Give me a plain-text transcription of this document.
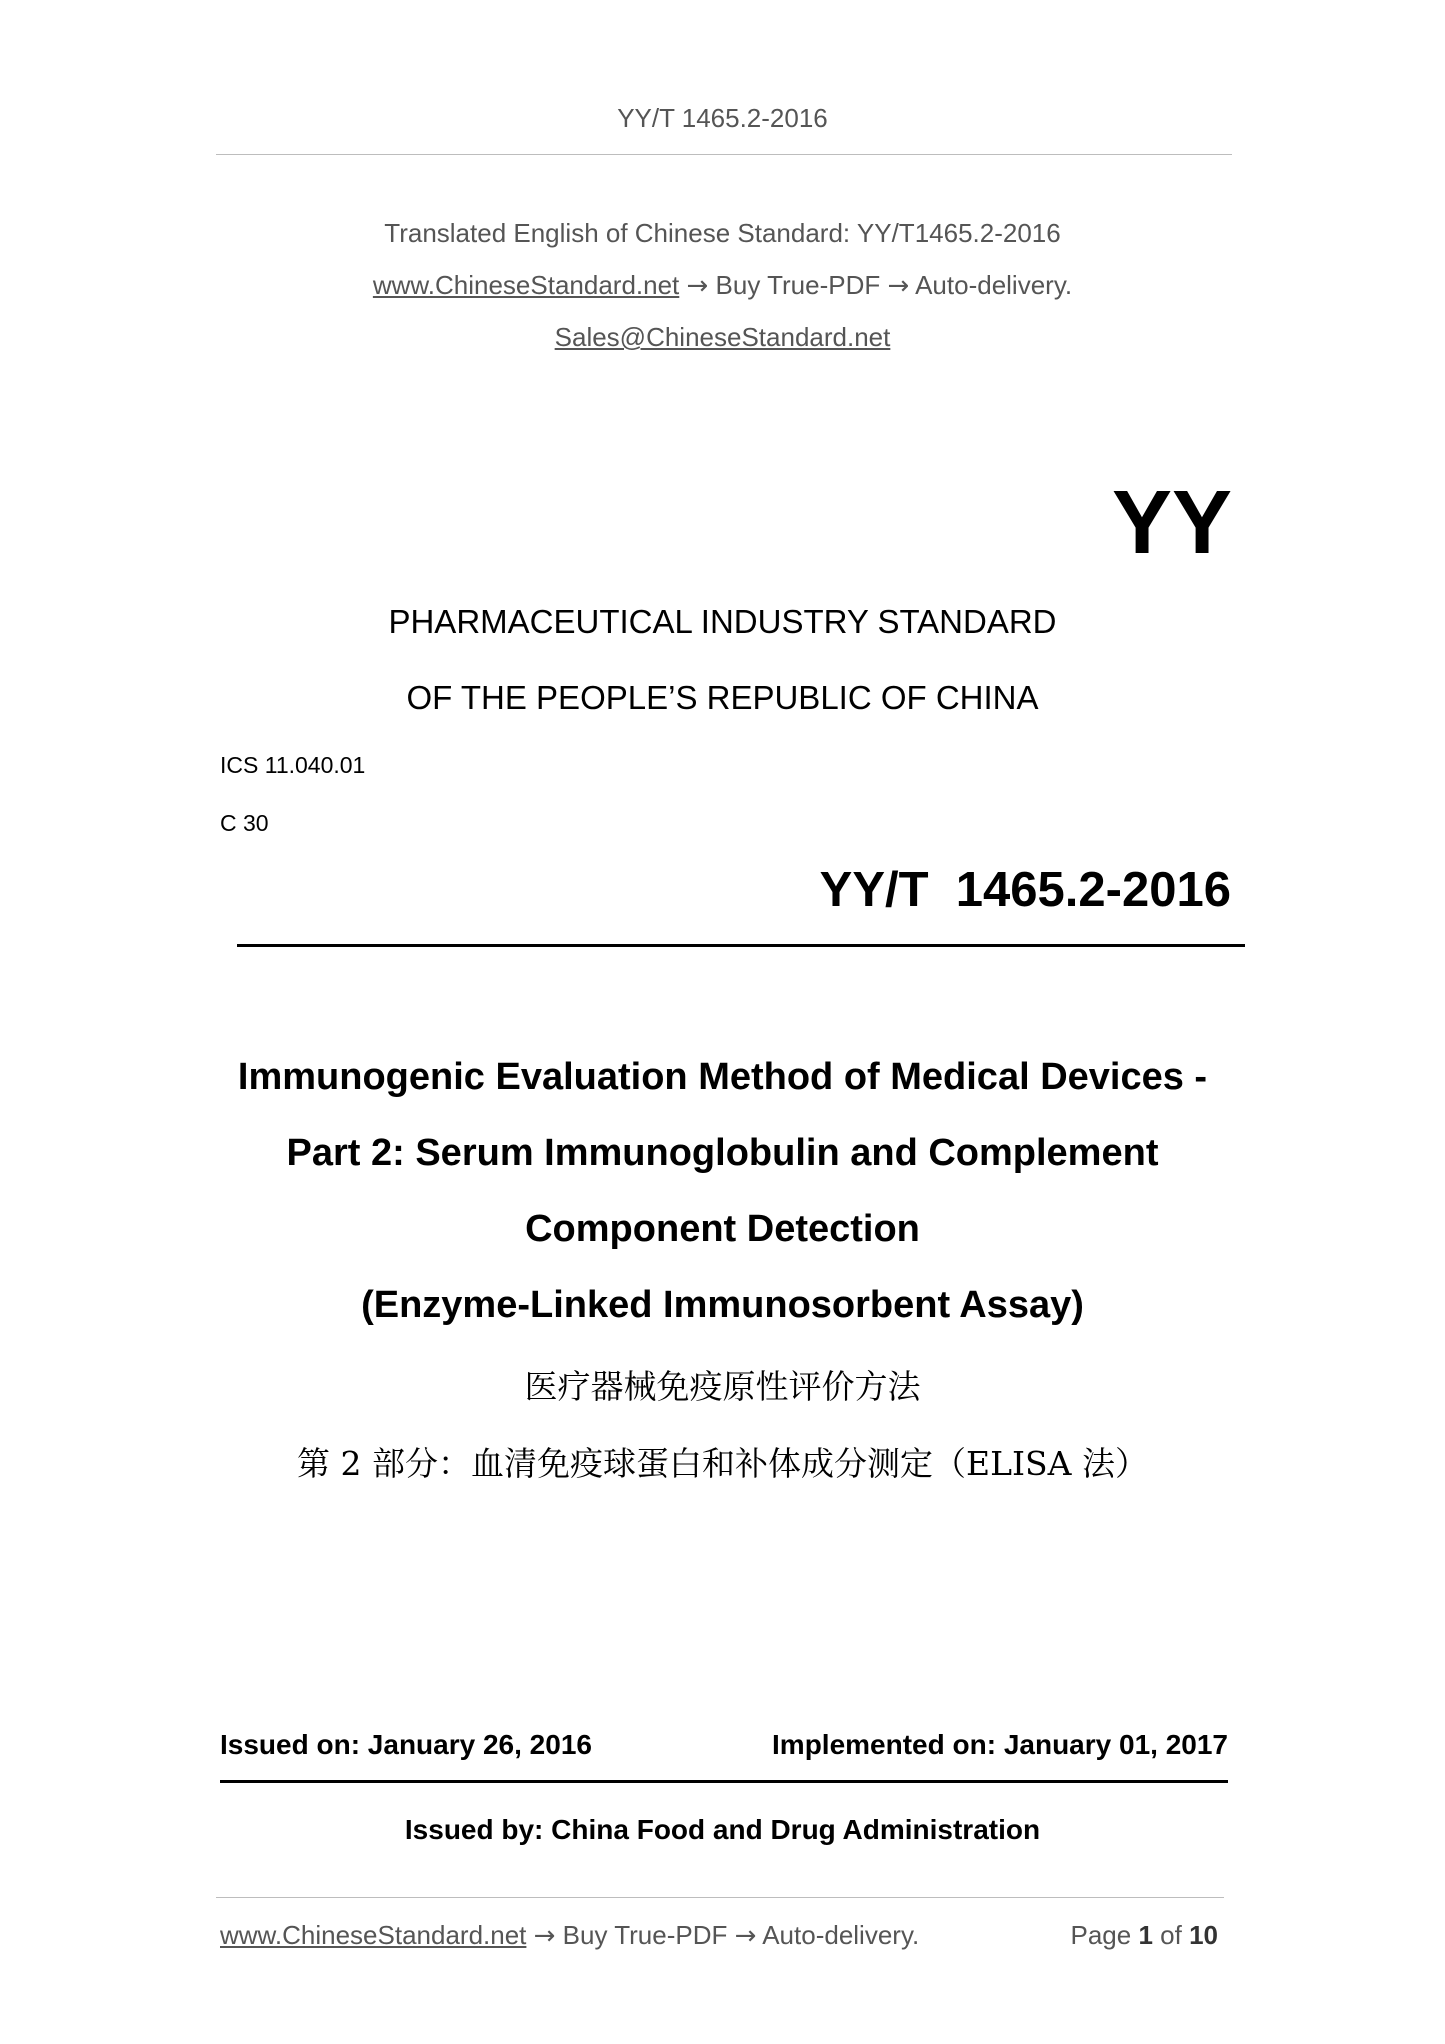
YY/T 1465.2-2016
Translated English of Chinese Standard: YY/T1465.2-2016
www.ChineseStandard.net → Buy True-PDF → Auto-delivery.
Sales@ChineseStandard.net
YY
PHARMACEUTICAL INDUSTRY STANDARD
OF THE PEOPLE’S REPUBLIC OF CHINA
ICS 11.040.01
C 30
YY/T  1465.2-2016
Immunogenic Evaluation Method of Medical Devices -
Part 2: Serum Immunoglobulin and Complement
Component Detection
(Enzyme-Linked Immunosorbent Assay)
医疗器械免疫原性评价方法
第 2 部分：血清免疫球蛋白和补体成分测定（ELISA 法）
Issued on: January 26, 2016	Implemented on: January 01, 2017
Issued by: China Food and Drug Administration
www.ChineseStandard.net → Buy True-PDF → Auto-delivery.	Page 1 of 10
